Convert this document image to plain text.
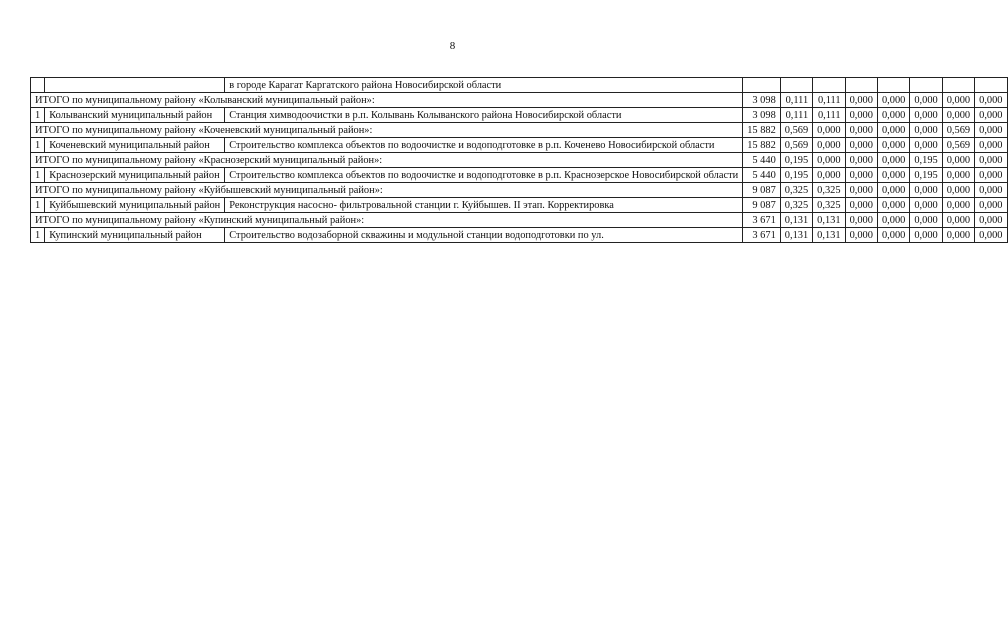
8
		в городе Карагат Каргатского района Новосибирской области								
ИТОГО по муниципальному району «Колыванский муниципальный район»:			3 098	0,111	0,111	0,000	0,000	0,000	0,000	0,000
1	Колыванский муниципальный район	Станция химводоочистки в р.п. Колывань Колыванского района Новосибирской области	3 098	0,111	0,111	0,000	0,000	0,000	0,000	0,000
ИТОГО по муниципальному району «Коченевский муниципальный район»:			15 882	0,569	0,000	0,000	0,000	0,000	0,569	0,000
1	Коченевский муниципальный район	Строительство комплекса объектов по водоочистке и водоподготовке в р.п. Коченево Новосибирской области	15 882	0,569	0,000	0,000	0,000	0,000	0,569	0,000
ИТОГО по муниципальному району «Краснозерский муниципальный район»:			5 440	0,195	0,000	0,000	0,000	0,195	0,000	0,000
1	Краснозерский муниципальный район	Строительство комплекса объектов по водоочистке и водоподготовке в р.п. Краснозерское Новосибирской области	5 440	0,195	0,000	0,000	0,000	0,195	0,000	0,000
ИТОГО по муниципальному району «Куйбышевский муниципальный район»:			9 087	0,325	0,325	0,000	0,000	0,000	0,000	0,000
1	Куйбышевский муниципальный район	Реконструкция насосно- фильтровальной станции г. Куйбышев. II этап. Корректировка	9 087	0,325	0,325	0,000	0,000	0,000	0,000	0,000
ИТОГО по муниципальному району «Купинский муниципальный район»:			3 671	0,131	0,131	0,000	0,000	0,000	0,000	0,000
1	Купинский муниципальный район	Строительство водозаборной скважины и модульной станции водоподготовки по ул.	3 671	0,131	0,131	0,000	0,000	0,000	0,000	0,000
